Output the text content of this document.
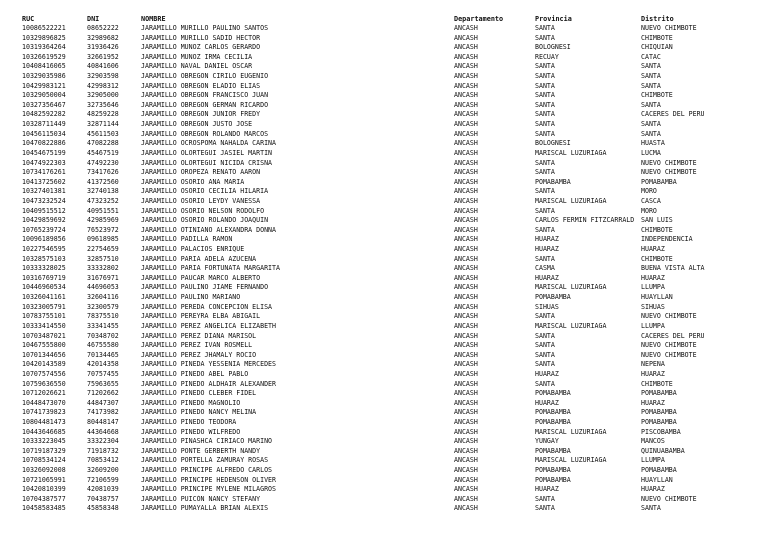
RUC	DNI	NOMBRE	Departamento	Provincia	Distrito
10086522221	08652222	JARAMILLO MURILLO PAULINO SANTOS	ANCASH	SANTA	NUEVO CHIMBOTE
10329896825	32989682	JARAMILLO MURILLO SADID HECTOR	ANCASH	SANTA	CHIMBOTE
10319364264	31936426	JARAMILLO MUÑOZ CARLOS GERARDO	ANCASH	BOLOGNESI	CHIQUIAN
10326619529	32661952	JARAMILLO MUÑOZ IRMA CECILIA	ANCASH	RECUAY	CATAC
10408416065	40841606	JARAMILLO NAVAL DANIEL OSCAR	ANCASH	SANTA	SANTA
10329035986	32903598	JARAMILLO OBREGON CIRILO EUGENIO	ANCASH	SANTA	SANTA
10429983121	42998312	JARAMILLO OBREGON ELADIO ELIAS	ANCASH	SANTA	SANTA
10329050004	32905000	JARAMILLO OBREGON FRANCISCO JUAN	ANCASH	SANTA	CHIMBOTE
10327356467	32735646	JARAMILLO OBREGON GERMAN RICARDO	ANCASH	SANTA	SANTA
10482592282	48259228	JARAMILLO OBREGON JUNIOR FREDY	ANCASH	SANTA	CACERES DEL PERU
10328711449	32871144	JARAMILLO OBREGON JUSTO JOSE	ANCASH	SANTA	SANTA
10456115034	45611503	JARAMILLO OBREGON ROLANDO MARCOS	ANCASH	SANTA	SANTA
10470822886	47082288	JARAMILLO OCROSPOMA NAHALDA CARINA	ANCASH	BOLOGNESI	HUASTA
10454675199	45467519	JARAMILLO OLORTEGUI JASIEL MARTIN	ANCASH	MARISCAL LUZURIAGA	LUCMA
10474922303	47492230	JARAMILLO OLORTEGUI NICIDA CRISNA	ANCASH	SANTA	NUEVO CHIMBOTE
10734176261	73417626	JARAMILLO OROPEZA RENATO AARON	ANCASH	SANTA	NUEVO CHIMBOTE
10413725602	41372560	JARAMILLO OSORIO ANA MARIA	ANCASH	POMABAMBA	POMABAMBA
10327401381	32740138	JARAMILLO OSORIO CECILIA HILARIA	ANCASH	SANTA	MORO
10473232524	47323252	JARAMILLO OSORIO LEYDY VANESSA	ANCASH	MARISCAL LUZURIAGA	CASCA
10409515512	40951551	JARAMILLO OSORIO NELSON RODOLFO	ANCASH	SANTA	MORO
10429859692	42985969	JARAMILLO OSORIO ROLANDO JOAQUIN	ANCASH	CARLOS FERMIN FITZCARRALD	SAN LUIS
10765239724	76523972	JARAMILLO OTINIANO ALEXANDRA DONNA	ANCASH	SANTA	CHIMBOTE
10096189856	09618985	JARAMILLO PADILLA RAMON	ANCASH	HUARAZ	INDEPENDENCIA
10227546595	22754659	JARAMILLO PALACIOS ENRIQUE	ANCASH	HUARAZ	HUARAZ
10328575103	32857510	JARAMILLO PARIA ADELA AZUCENA	ANCASH	SANTA	CHIMBOTE
10333328025	33332802	JARAMILLO PARIA FORTUNATA MARGARITA	ANCASH	CASMA	BUENA VISTA ALTA
10316769719	31676971	JARAMILLO PAUCAR MARCO ALBERTO	ANCASH	HUARAZ	HUARAZ
10446960534	44696053	JARAMILLO PAULINO JIAME FERNANDO	ANCASH	MARISCAL LUZURIAGA	LLUMPA
10326041161	32604116	JARAMILLO PAULINO MARIANO	ANCASH	POMABAMBA	HUAYLLAN
10323005791	32300579	JARAMILLO PEREDA CONCEPCION ELISA	ANCASH	SIHUAS	SIHUAS
10783755101	78375510	JARAMILLO PEREYRA ELBA ABIGAIL	ANCASH	SANTA	NUEVO CHIMBOTE
10333414550	33341455	JARAMILLO PEREZ ANGELICA ELIZABETH	ANCASH	MARISCAL LUZURIAGA	LLUMPA
10703487021	70348702	JARAMILLO PEREZ DIANA MARISOL	ANCASH	SANTA	CACERES DEL PERU
10467555800	46755580	JARAMILLO PEREZ IVAN ROSMELL	ANCASH	SANTA	NUEVO CHIMBOTE
10701344656	70134465	JARAMILLO PEREZ JHAMALY ROCIO	ANCASH	SANTA	NUEVO CHIMBOTE
10420143589	42014358	JARAMILLO PINEDA YESSENIA MERCEDES	ANCASH	SANTA	NEPEÑA
10707574556	70757455	JARAMILLO PINEDO ABEL PABLO	ANCASH	HUARAZ	HUARAZ
10759636550	75963655	JARAMILLO PINEDO ALDHAIR ALEXANDER	ANCASH	SANTA	CHIMBOTE
10712026621	71202662	JARAMILLO PINEDO CLEBER FIDEL	ANCASH	POMABAMBA	POMABAMBA
10448473070	44847307	JARAMILLO PINEDO MAGNOLIO	ANCASH	HUARAZ	HUARAZ
10741739823	74173982	JARAMILLO PINEDO NANCY MELINA	ANCASH	POMABAMBA	POMABAMBA
10804481473	80448147	JARAMILLO PINEDO TEODORA	ANCASH	POMABAMBA	POMABAMBA
10443646685	44364668	JARAMILLO PINEDO WILFREDO	ANCASH	MARISCAL LUZURIAGA	PISCOBAMBA
10333223045	33322304	JARAMILLO PIÑASHCA CIRIACO MARINO	ANCASH	YUNGAY	MANCOS
10719187329	71918732	JARAMILLO PONTE GERBERTH NANDY	ANCASH	POMABAMBA	QUINUABAMBA
10708534124	70853412	JARAMILLO PORTELLA ZAMURAY ROSAS	ANCASH	MARISCAL LUZURIAGA	LLUMPA
10326092008	32609200	JARAMILLO PRINCIPE ALFREDO CARLOS	ANCASH	POMABAMBA	POMABAMBA
10721065991	72106599	JARAMILLO PRINCIPE HEDENSON OLIVER	ANCASH	POMABAMBA	HUAYLLAN
10420810399	42081039	JARAMILLO PRINCIPE MYLENE MILAGROS	ANCASH	HUARAZ	HUARAZ
10704387577	70438757	JARAMILLO PUICÓN NANCY STEFANY	ANCASH	SANTA	NUEVO CHIMBOTE
10458583485	45858348	JARAMILLO PUMAYALLA BRIAN ALEXIS	ANCASH	SANTA	SANTA
